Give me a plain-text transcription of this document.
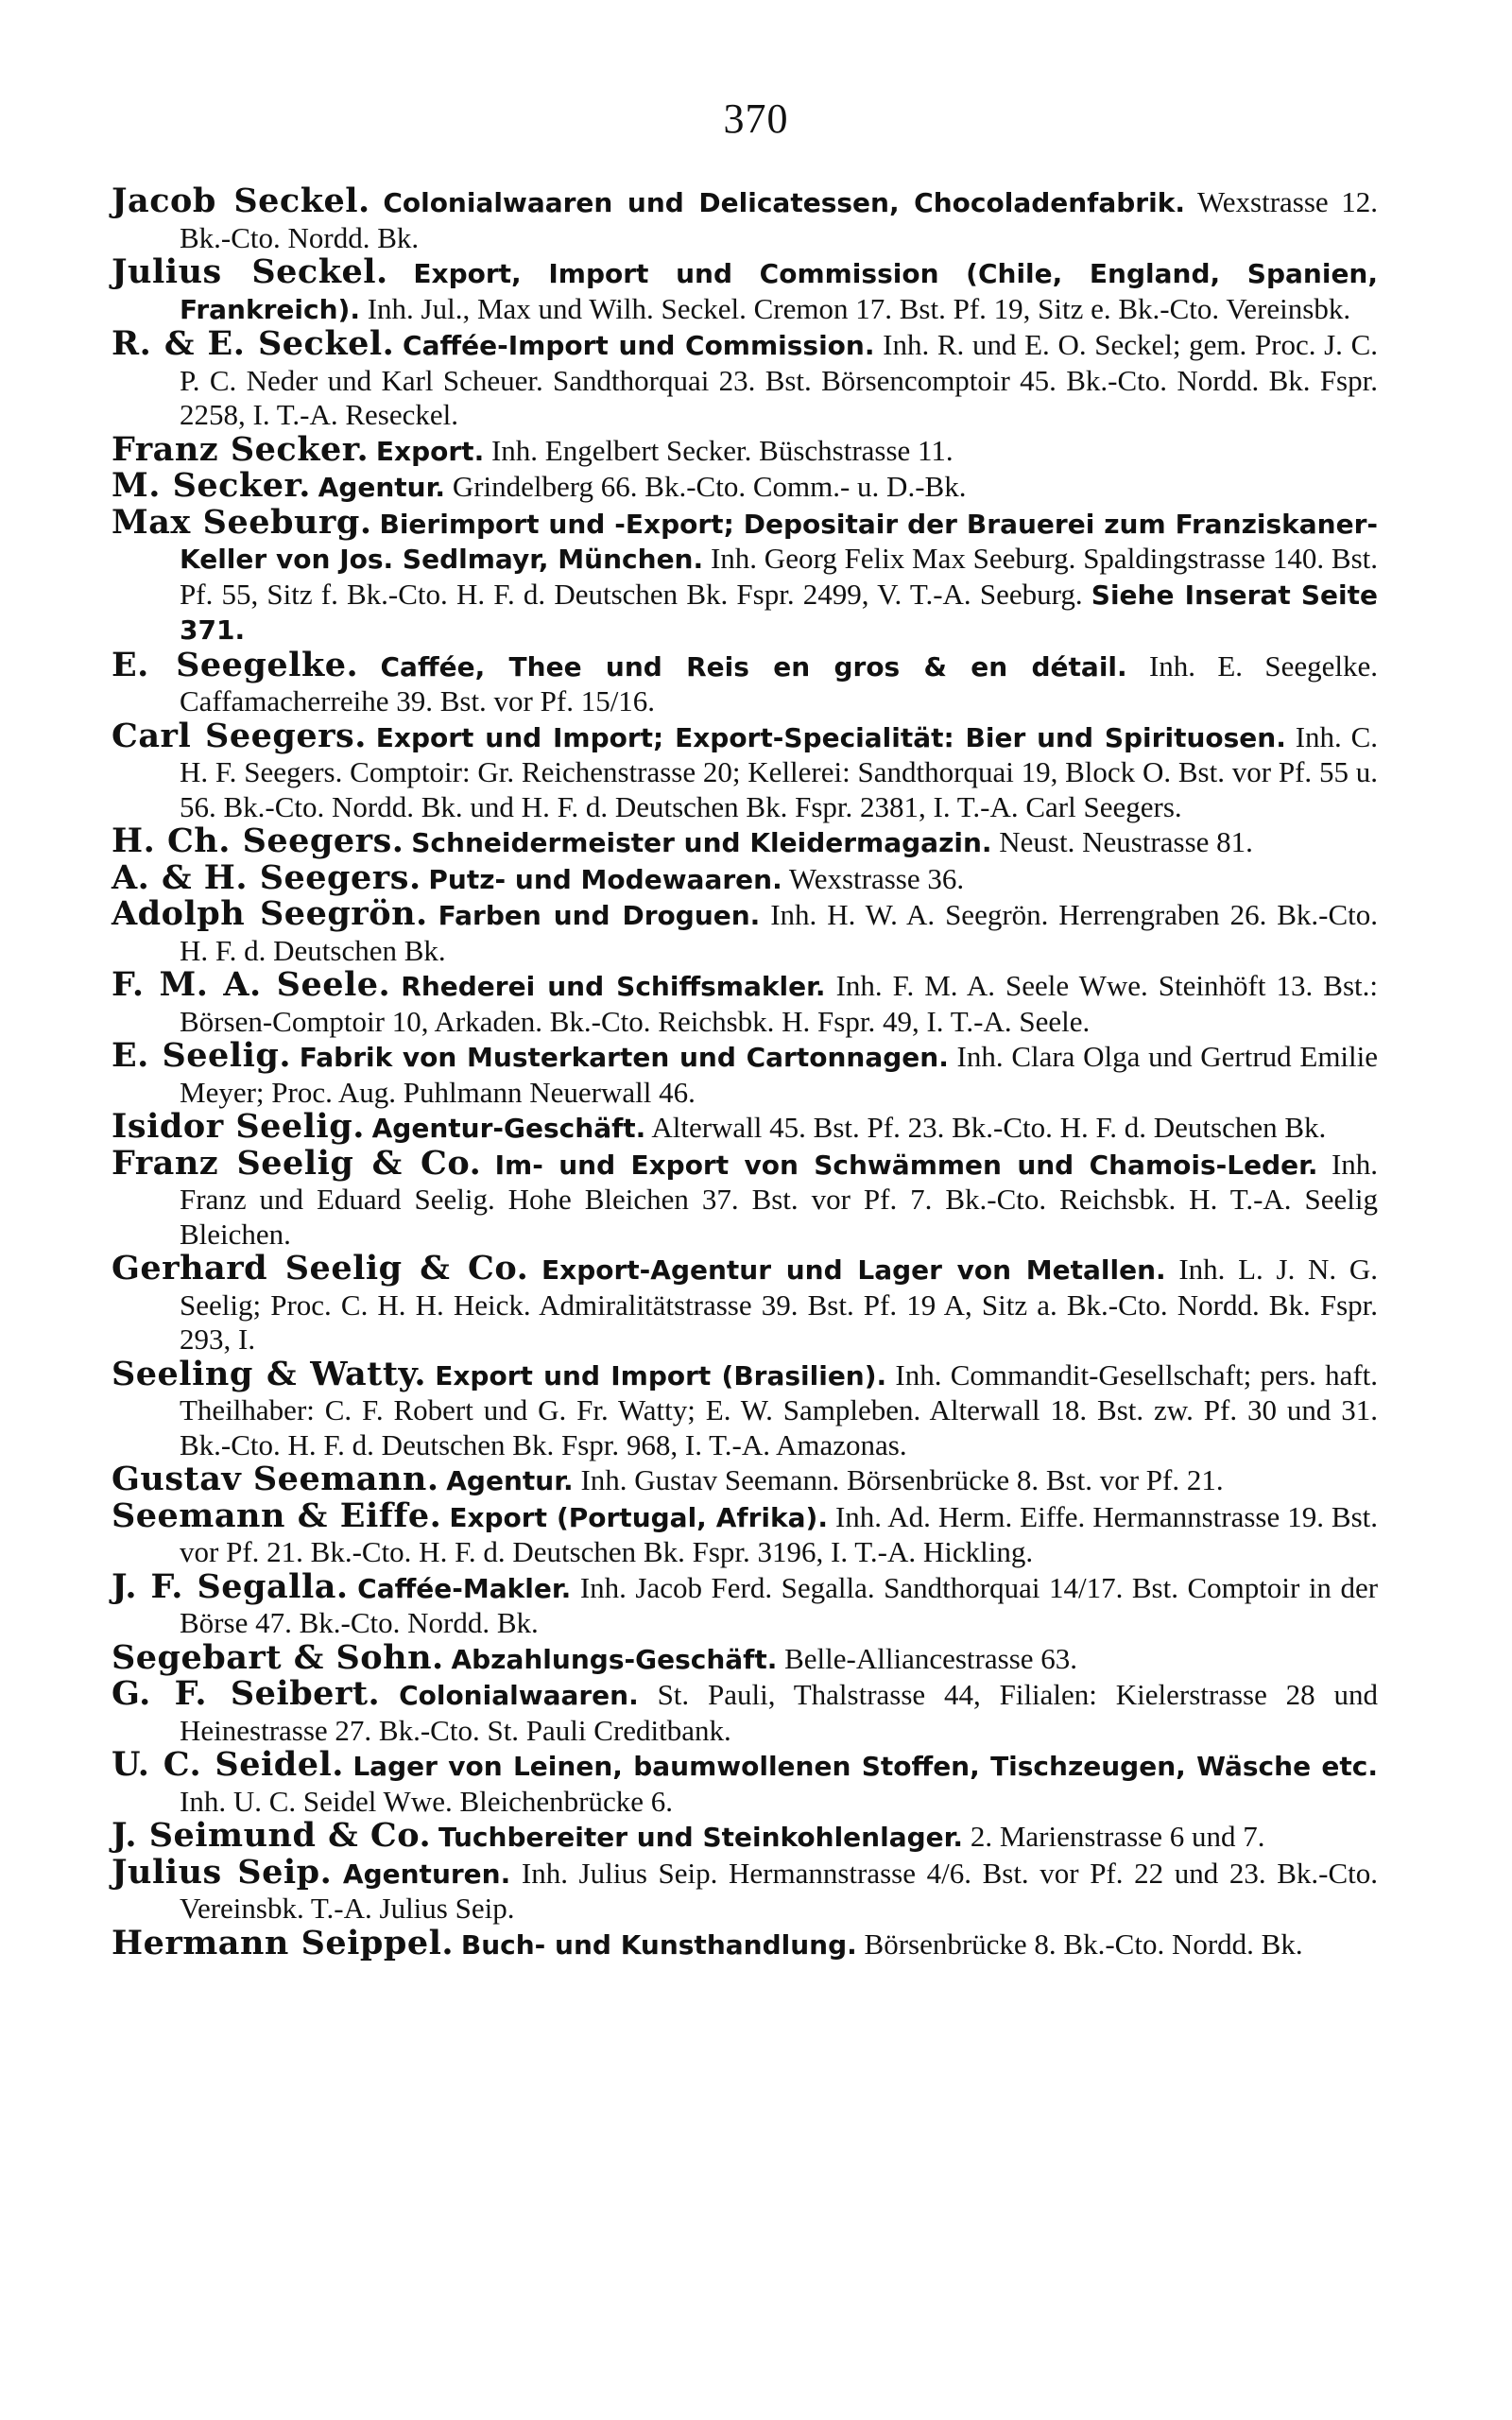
370

Jacob Seckel. Colonialwaaren und Delicatessen, Chocoladenfabrik. Wexstrasse 12. Bk.-Cto. Nordd. Bk.

Julius Seckel. Export, Import und Commission (Chile, England, Spanien, Frankreich). Inh. Jul., Max und Wilh. Seckel. Cremon 17. Bst. Pf. 19, Sitz e. Bk.-Cto. Vereinsbk.

R. & E. Seckel. Caffée-Import und Commission. Inh. R. und E. O. Seckel; gem. Proc. J. C. P. C. Neder und Karl Scheuer. Sandthorquai 23. Bst. Börsencomptoir 45. Bk.-Cto. Nordd. Bk. Fspr. 2258, I. T.-A. Reseckel.

Franz Secker. Export. Inh. Engelbert Secker. Büschstrasse 11.

M. Secker. Agentur. Grindelberg 66. Bk.-Cto. Comm.- u. D.-Bk.

Max Seeburg. Bierimport und -Export; Depositair der Brauerei zum Franziskaner-Keller von Jos. Sedlmayr, München. Inh. Georg Felix Max Seeburg. Spaldingstrasse 140. Bst. Pf. 55, Sitz f. Bk.-Cto. H. F. d. Deutschen Bk. Fspr. 2499, V. T.-A. Seeburg. Siehe Inserat Seite 371.

E. Seegelke. Caffée, Thee und Reis en gros & en détail. Inh. E. Seegelke. Caffamacherreihe 39. Bst. vor Pf. 15/16.

Carl Seegers. Export und Import; Export-Specialität: Bier und Spirituosen. Inh. C. H. F. Seegers. Comptoir: Gr. Reichenstrasse 20; Kellerei: Sandthorquai 19, Block O. Bst. vor Pf. 55 u. 56. Bk.-Cto. Nordd. Bk. und H. F. d. Deutschen Bk. Fspr. 2381, I. T.-A. Carl Seegers.

H. Ch. Seegers. Schneidermeister und Kleidermagazin. Neust. Neustrasse 81.

A. & H. Seegers. Putz- und Modewaaren. Wexstrasse 36.

Adolph Seegrön. Farben und Droguen. Inh. H. W. A. Seegrön. Herrengraben 26. Bk.-Cto. H. F. d. Deutschen Bk.

F. M. A. Seele. Rhederei und Schiffsmakler. Inh. F. M. A. Seele Wwe. Steinhöft 13. Bst.: Börsen-Comptoir 10, Arkaden. Bk.-Cto. Reichsbk. H. Fspr. 49, I. T.-A. Seele.

E. Seelig. Fabrik von Musterkarten und Cartonnagen. Inh. Clara Olga und Gertrud Emilie Meyer; Proc. Aug. Puhlmann Neuerwall 46.

Isidor Seelig. Agentur-Geschäft. Alterwall 45. Bst. Pf. 23. Bk.-Cto. H. F. d. Deutschen Bk.

Franz Seelig & Co. Im- und Export von Schwämmen und Chamois-Leder. Inh. Franz und Eduard Seelig. Hohe Bleichen 37. Bst. vor Pf. 7. Bk.-Cto. Reichsbk. H. T.-A. Seelig Bleichen.

Gerhard Seelig & Co. Export-Agentur und Lager von Metallen. Inh. L. J. N. G. Seelig; Proc. C. H. H. Heick. Admiralitätstrasse 39. Bst. Pf. 19 A, Sitz a. Bk.-Cto. Nordd. Bk. Fspr. 293, I.

Seeling & Watty. Export und Import (Brasilien). Inh. Commandit-Gesellschaft; pers. haft. Theilhaber: C. F. Robert und G. Fr. Watty; E. W. Sampleben. Alterwall 18. Bst. zw. Pf. 30 und 31. Bk.-Cto. H. F. d. Deutschen Bk. Fspr. 968, I. T.-A. Amazonas.

Gustav Seemann. Agentur. Inh. Gustav Seemann. Börsenbrücke 8. Bst. vor Pf. 21.

Seemann & Eiffe. Export (Portugal, Afrika). Inh. Ad. Herm. Eiffe. Hermannstrasse 19. Bst. vor Pf. 21. Bk.-Cto. H. F. d. Deutschen Bk. Fspr. 3196, I. T.-A. Hickling.

J. F. Segalla. Caffée-Makler. Inh. Jacob Ferd. Segalla. Sandthorquai 14/17. Bst. Comptoir in der Börse 47. Bk.-Cto. Nordd. Bk.

Segebart & Sohn. Abzahlungs-Geschäft. Belle-Alliancestrasse 63.

G. F. Seibert. Colonialwaaren. St. Pauli, Thalstrasse 44, Filialen: Kielerstrasse 28 und Heinestrasse 27. Bk.-Cto. St. Pauli Creditbank.

U. C. Seidel. Lager von Leinen, baumwollenen Stoffen, Tischzeugen, Wäsche etc. Inh. U. C. Seidel Wwe. Bleichenbrücke 6.

J. Seimund & Co. Tuchbereiter und Steinkohlenlager. 2. Marienstrasse 6 und 7.

Julius Seip. Agenturen. Inh. Julius Seip. Hermannstrasse 4/6. Bst. vor Pf. 22 und 23. Bk.-Cto. Vereinsbk. T.-A. Julius Seip.

Hermann Seippel. Buch- und Kunsthandlung. Börsenbrücke 8. Bk.-Cto. Nordd. Bk.
